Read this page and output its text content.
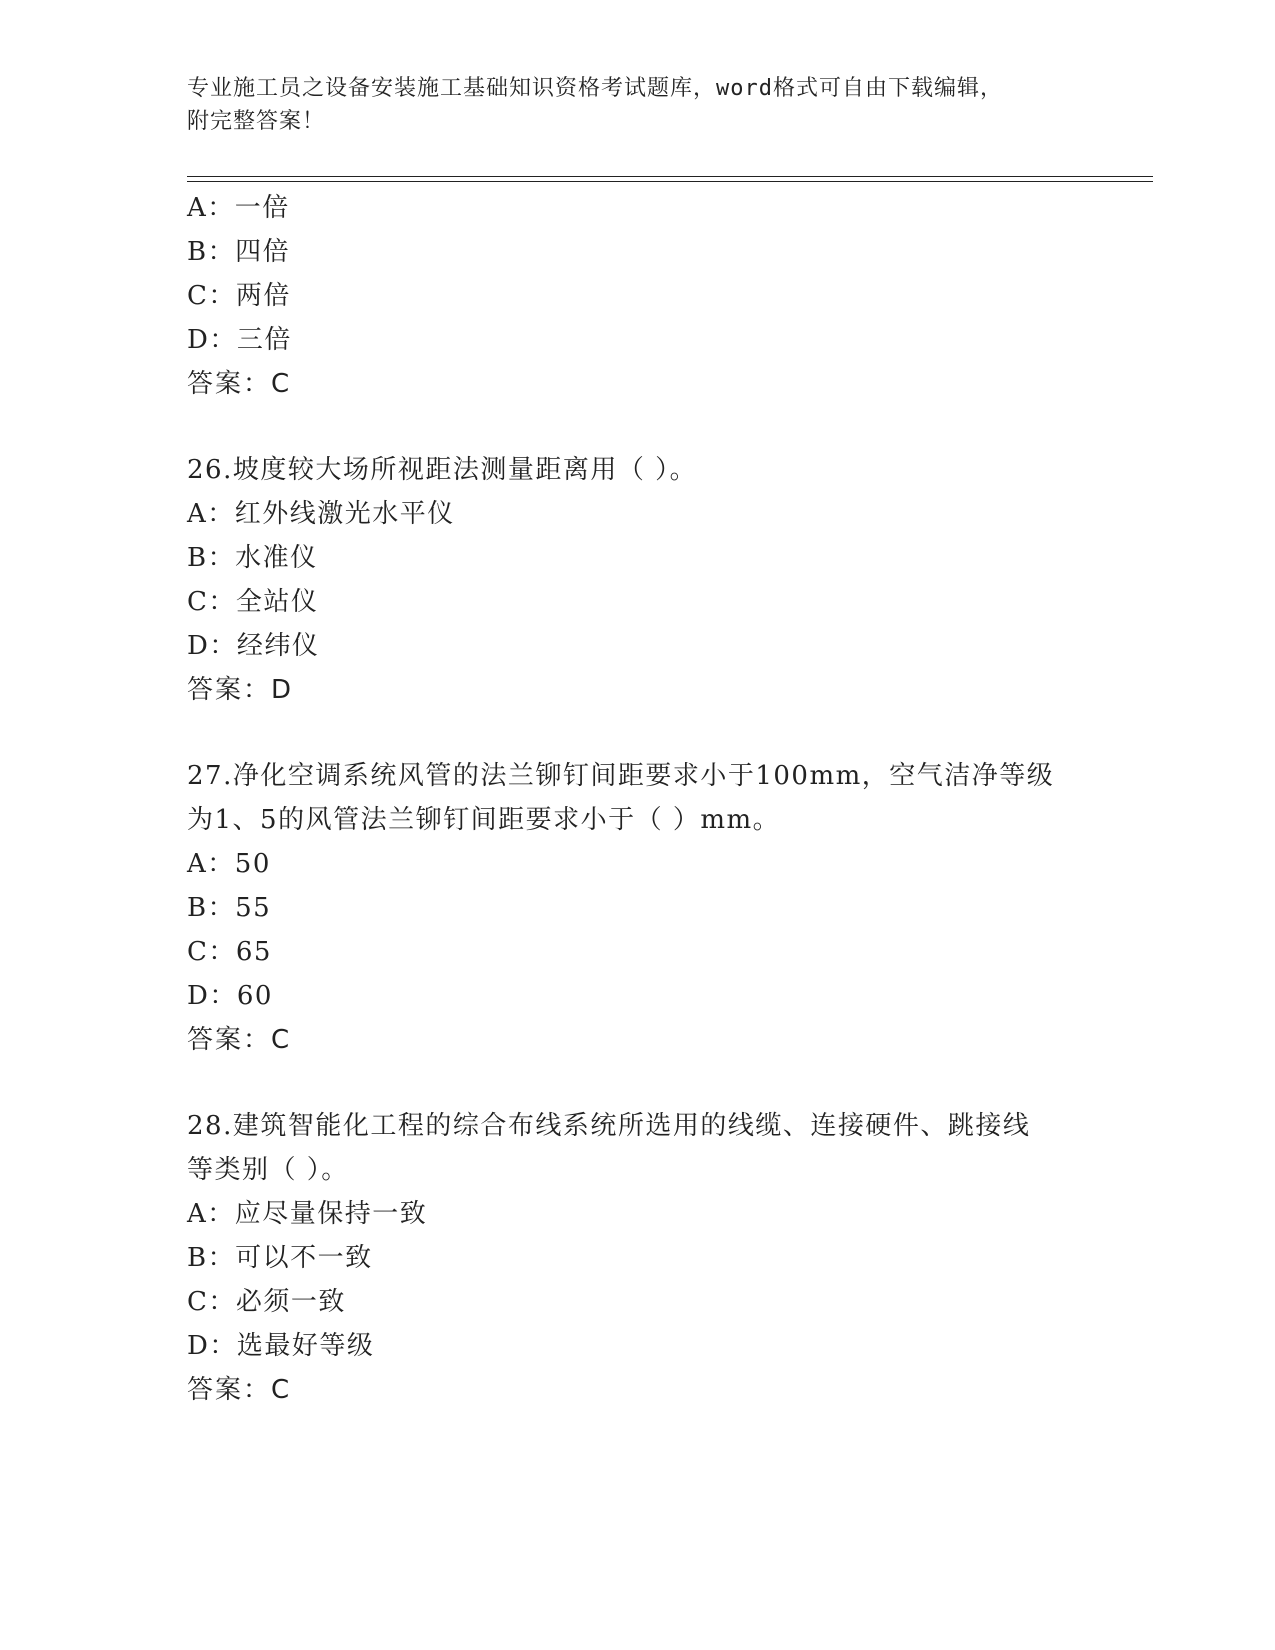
专业施工员之设备安装施工基础知识资格考试题库，word格式可自由下载编辑，
附完整答案！
A：一倍
B：四倍
C：两倍
D：三倍
答案：C
26.坡度较大场所视距法测量距离用（ ）。
A：红外线激光水平仪
B：水准仪
C：全站仪
D：经纬仪
答案：D
27.净化空调系统风管的法兰铆钉间距要求小于100mm，空气洁净等级
为1、5的风管法兰铆钉间距要求小于（ ）mm。
A：50
B：55
C：65
D：60
答案：C
28.建筑智能化工程的综合布线系统所选用的线缆、连接硬件、跳接线
等类别（ ）。
A：应尽量保持一致
B：可以不一致
C：必须一致
D：选最好等级
答案：C
